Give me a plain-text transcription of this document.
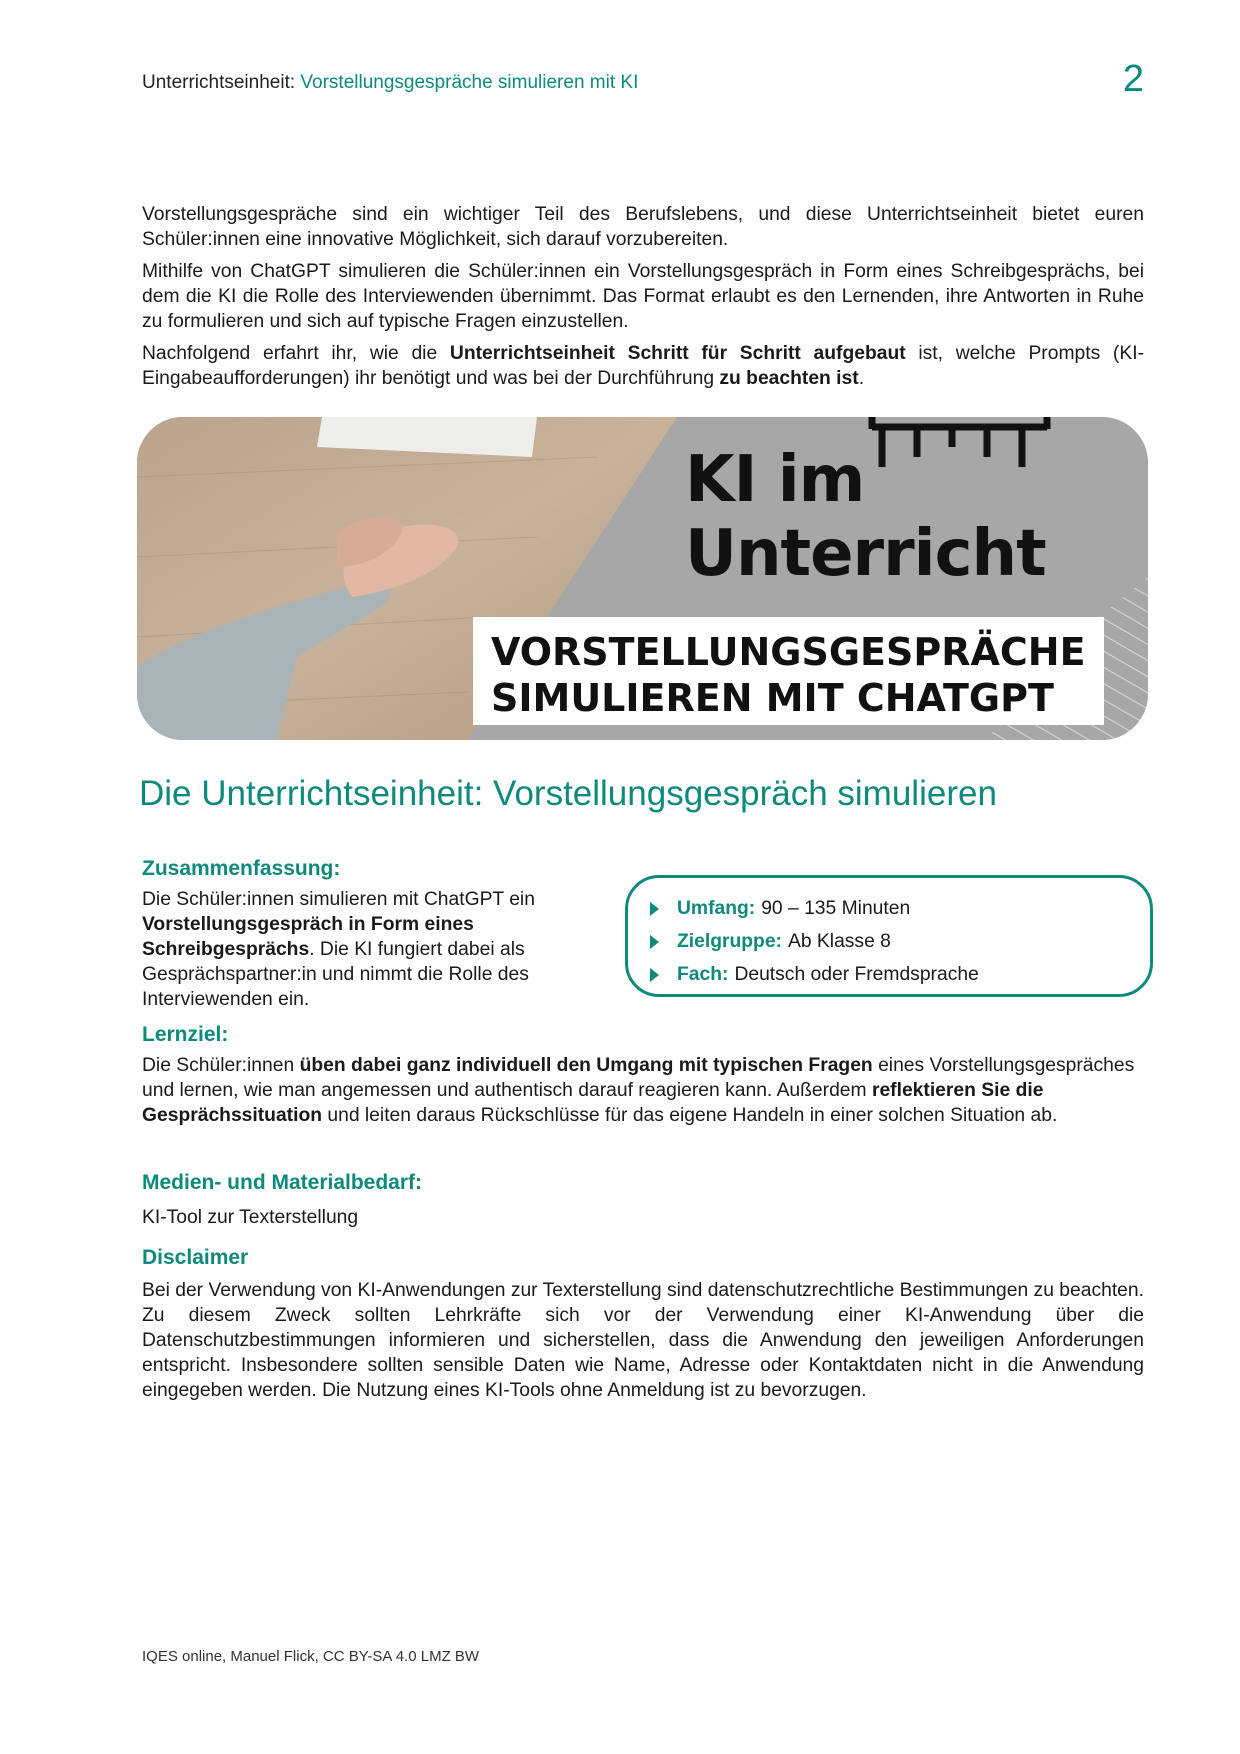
Unterrichtseinheit: Vorstellungsgespräche simulieren mit KI	2

Vorstellungsgespräche sind ein wichtiger Teil des Berufslebens, und diese Unterrichtseinheit bietet euren Schüler:innen eine innovative Möglichkeit, sich darauf vorzubereiten.

Mithilfe von ChatGPT simulieren die Schüler:innen ein Vorstellungsgespräch in Form eines Schreibgesprächs, bei dem die KI die Rolle des Interviewenden übernimmt. Das Format erlaubt es den Lernenden, ihre Antworten in Ruhe zu formulieren und sich auf typische Fragen einzustellen.

Nachfolgend erfahrt ihr, wie die Unterrichtseinheit Schritt für Schritt aufgebaut ist, welche Prompts (KI-Eingabeaufforderungen) ihr benötigt und was bei der Durchführung zu beachten ist.

KI im
Unterricht
VORSTELLUNGSGESPRÄCHE
SIMULIEREN MIT CHATGPT
Die Unterrichtseinheit: Vorstellungsgespräch simulieren

Zusammenfassung:

Die Schüler:innen simulieren mit ChatGPT ein Vorstellungsgespräch in Form eines Schreibgesprächs. Die KI fungiert dabei als Gesprächspartner:in und nimmt die Rolle des Interviewenden ein.
Umfang: 90 – 135 Minuten
Zielgruppe: Ab Klasse 8
Fach: Deutsch oder Fremdsprache

Lernziel:

Die Schüler:innen üben dabei ganz individuell den Umgang mit typischen Fragen eines Vorstellungsgespräches und lernen, wie man angemessen und authentisch darauf reagieren kann. Außerdem reflektieren Sie die Gesprächssituation und leiten daraus Rückschlüsse für das eigene Handeln in einer solchen Situation ab.

Medien- und Materialbedarf:

KI-Tool zur Texterstellung

Disclaimer

Bei der Verwendung von KI-Anwendungen zur Texterstellung sind datenschutzrechtliche Bestimmungen zu beachten. Zu diesem Zweck sollten Lehrkräfte sich vor der Verwendung einer KI-Anwendung über die Datenschutzbestimmungen informieren und sicherstellen, dass die Anwendung den jeweiligen Anforderungen entspricht. Insbesondere sollten sensible Daten wie Name, Adresse oder Kontaktdaten nicht in die Anwendung eingegeben werden. Die Nutzung eines KI-Tools ohne Anmeldung ist zu bevorzugen.
IQES online, Manuel Flick, CC BY-SA 4.0 LMZ BW
